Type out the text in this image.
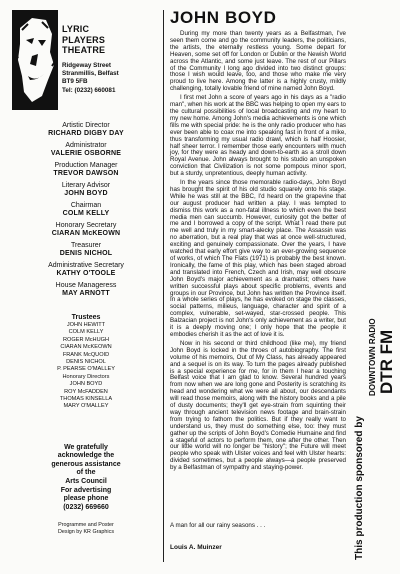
LYRIC
PLAYERS
THEATRE
Ridgeway Street
Stranmillis, Belfast
BT9 5FB
Tel: (0232) 660081
Artistic Director
RICHARD DIGBY DAY
Administrator
VALERIE OSBORNE
Production Manager
TREVOR DAWSON
Literary Advisor
JOHN BOYD
Chairman
COLM KELLY
Honorary Secretary
CIARAN McKEOWN
Treasurer
DENIS NICHOL
Administrative Secretary
KATHY O'TOOLE
House Manageress
MAY ARNOTT
Trustees
JOHN HEWITT
COLM KELLY
ROGER McHUGH
CIARAN McKEOWN
FRANK McQUOID
DENIS NICHOL
P. PEARSE O'MALLEY
Honorary Directors
JOHN BOYD
ROY McFADDEN
THOMAS KINSELLA
MARY O'MALLEY
We gratefully
acknowledge the
generous assistance
of the
Arts Council
For advertising
please phone
(0232) 669660
Programme and Poster
Design by KR Graphics
JOHN BOYD

During my more than twenty years as a Belfastman, I've seen them come and go the community leaders, the politicians, the artists, the eternally restless young. Some depart for Heaven, some set off for London or Dublin or the Newish World across the Atlantic, and some just leave. The rest of our Pillars of the Community I long ago divided into two distinct groups: those I wish would leave, too, and those who make me very proud to live here. Among the latter is a highly crusty, mildly challenging, totally lovable friend of mine named John Boyd.

I first met John a score of years ago in his days as a "radio man", when his work at the BBC was helping to open my ears to the cultural possibilities of local broadcasting and my heart to my new home. Among John's media achievements is one which fills me with special pride: he is the only radio producer who has ever been able to coax me into speaking fast in front of a mike, thus transforming my usual radio drawl, which is half Hoosier, half sheer terror. I remember those early encounters with much joy, for they were as heady and down-to-earth as a stroll down Royal Avenue. John always brought to his studio an unspoken conviction that Civilization is not some pompous minor sport, but a sturdy, unpretentious, deeply human activity.

In the years since those memorable radio-days, John Boyd has brought the spirit of his old studio squarely onto his stage. While he was still at the BBC, I'd heard on the grapevine that our august producer had written a play. I was tempted to dismiss this work as a non-fatal illness to which even the best media men can succumb. However, curiosity got the better of me and I borrowed a copy of the script. What I read there put me well and truly in my smart-alecky place. The Assassin was no aberration, but a real play that was at once well-structured, exciting and genuinely compassionate. Over the years, I have watched that early effort give way to an ever-growing sequence of works, of which The Flats (1971) is probably the best known. Ironically, the fame of this play, which has been staged abroad and translated into French, Czech and Irish, may well obscure John Boyd's major achievement as a dramatist; others have written successful plays about specific problems, events and groups in our Province, but John has written the Province itself. In a whole series of plays, he has evoked on stage the classes, social patterns, milieus, language, character and spirit of a complex, vulnerable, set-wayed, star-crossed people. This Balzacian project is not John's only achievement as a writer, but it is a deeply moving one; I only hope that the people it embodies cherish it as the act of love it is.

Now in his second or third childhood (like me), my friend John Boyd is locked in the throes of autobiography. The first volume of his memoirs, Out of My Class, has already appeared and a sequel is on its way. To turn the pages already published is a special experience for me, for in them I hear a touching Belfast voice that I am glad to know. Several hundred years from now when we are long gone and Posterity is scratching its head and wondering what we were all about, our descendants will read those memoirs, along with the history books and a pile of dusty documents; they'll get eye-strain from squinting their way through ancient television news footage and brain-strain from trying to fathom the politics. But if they really want to understand us, they must do something else, too: they must gather up the scripts of John Boyd's Comedie Humaine and find a stageful of actors to perform them, one after the other. Then our little world will no longer be "history"; the Future will meet people who speak with Ulster voices and feel with Ulster hearts: divided sometimes, but a people always—a people preserved by a Belfastman of sympathy and staying-power.

A man for all our rainy seasons . . .
Louis A. Muinzer	This production sponsored by
DOWNTOWN RADIO DTR FM
